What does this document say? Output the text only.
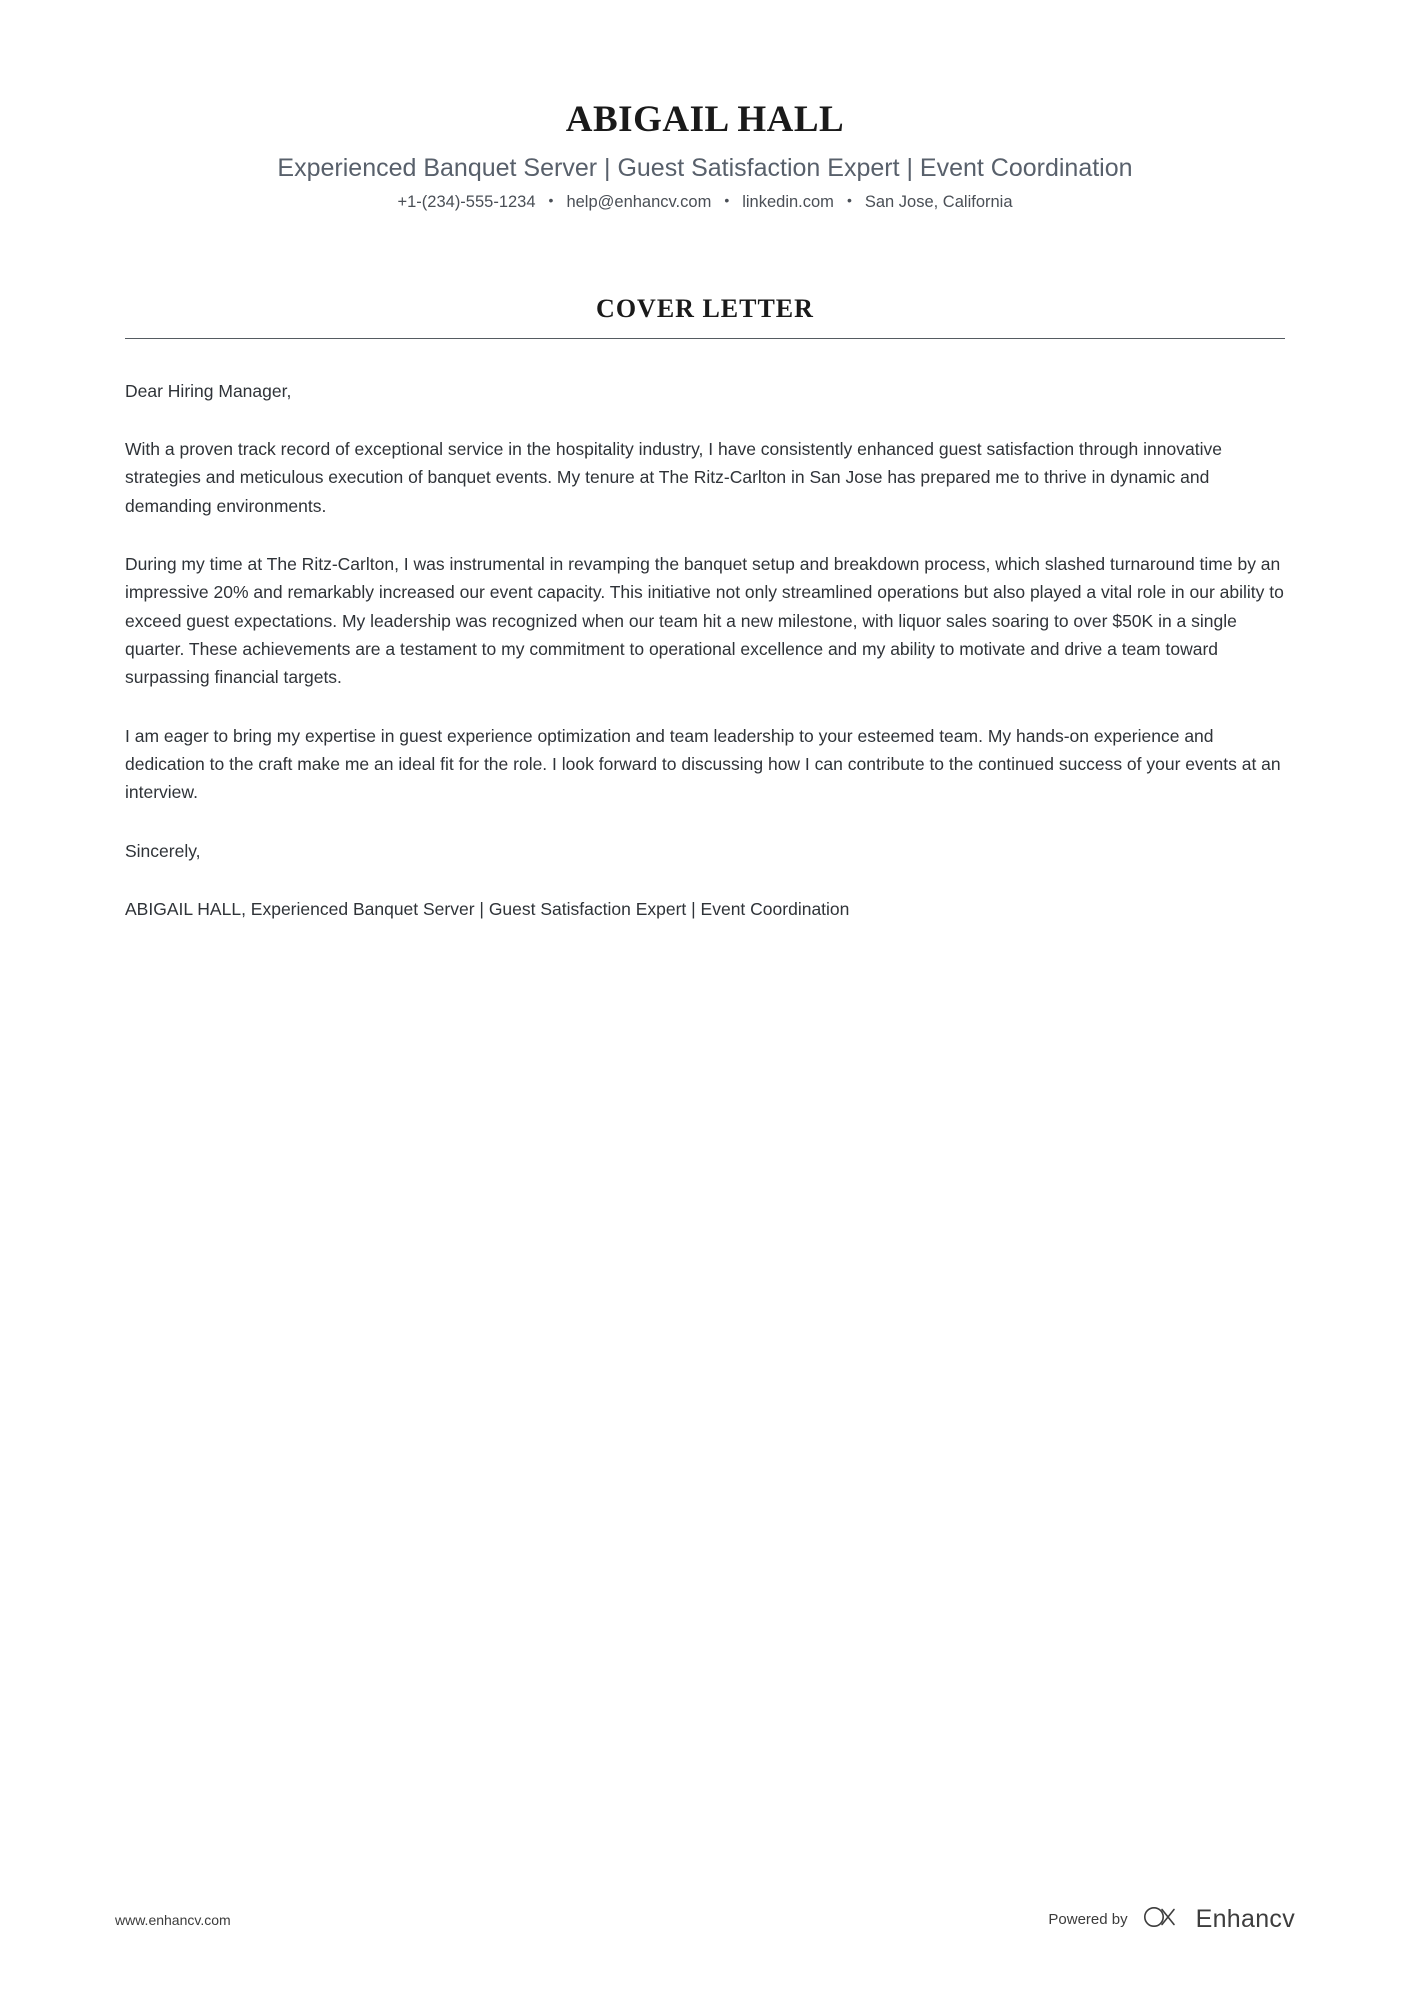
ABIGAIL HALL
Experienced Banquet Server | Guest Satisfaction Expert | Event Coordination
+1-(234)-555-1234 • help@enhancv.com • linkedin.com • San Jose, California
COVER LETTER

Dear Hiring Manager,

With a proven track record of exceptional service in the hospitality industry, I have consistently enhanced guest satisfaction through innovative strategies and meticulous execution of banquet events. My tenure at The Ritz-Carlton in San Jose has prepared me to thrive in dynamic and demanding environments.

During my time at The Ritz-Carlton, I was instrumental in revamping the banquet setup and breakdown process, which slashed turnaround time by an impressive 20% and remarkably increased our event capacity. This initiative not only streamlined operations but also played a vital role in our ability to exceed guest expectations. My leadership was recognized when our team hit a new milestone, with liquor sales soaring to over $50K in a single quarter. These achievements are a testament to my commitment to operational excellence and my ability to motivate and drive a team toward surpassing financial targets.

I am eager to bring my expertise in guest experience optimization and team leadership to your esteemed team. My hands-on experience and dedication to the craft make me an ideal fit for the role. I look forward to discussing how I can contribute to the continued success of your events at an interview.

Sincerely,

ABIGAIL HALL, Experienced Banquet Server | Guest Satisfaction Expert | Event Coordination

www.enhancv.com	Powered by	Enhancv
